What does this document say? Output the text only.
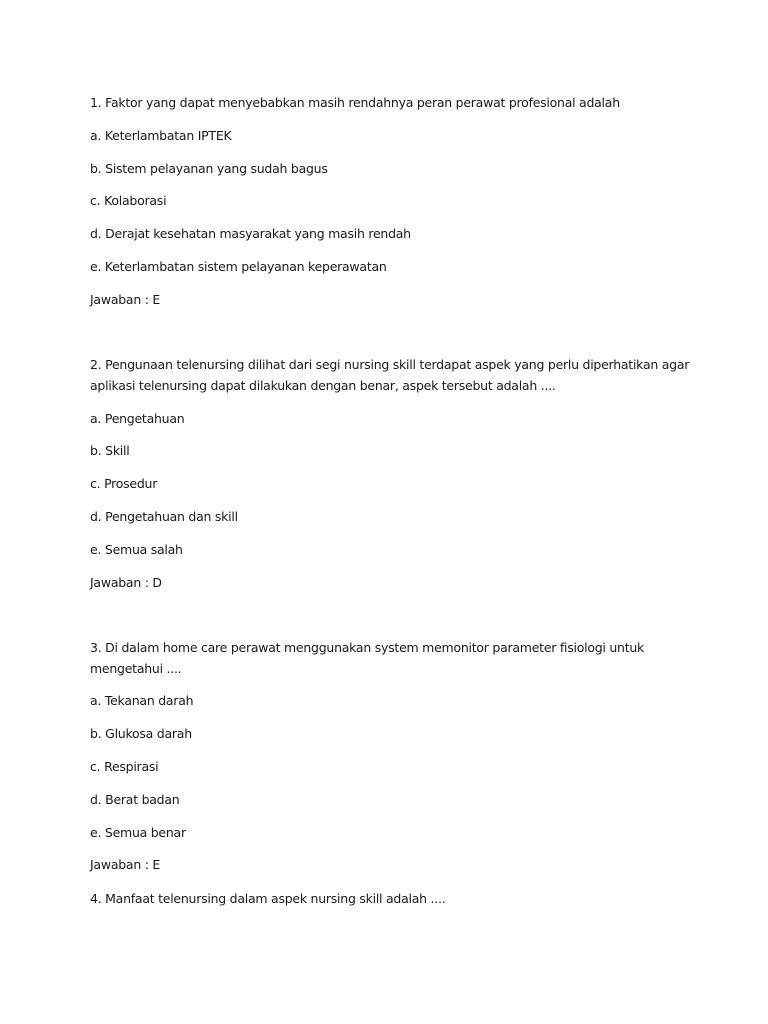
1. Faktor yang dapat menyebabkan masih rendahnya peran perawat profesional adalah
a. Keterlambatan IPTEK
b. Sistem pelayanan yang sudah bagus
c. Kolaborasi
d. Derajat kesehatan masyarakat yang masih rendah
e. Keterlambatan sistem pelayanan keperawatan
Jawaban : E
2. Pengunaan telenursing dilihat dari segi nursing skill terdapat aspek yang perlu diperhatikan agar
aplikasi telenursing dapat dilakukan dengan benar, aspek tersebut adalah ....
a. Pengetahuan
b. Skill
c. Prosedur
d. Pengetahuan dan skill
e. Semua salah
Jawaban : D
3. Di dalam home care perawat menggunakan system memonitor parameter fisiologi untuk
mengetahui ....
a. Tekanan darah
b. Glukosa darah
c. Respirasi
d. Berat badan
e. Semua benar
Jawaban : E
4. Manfaat telenursing dalam aspek nursing skill adalah ....
